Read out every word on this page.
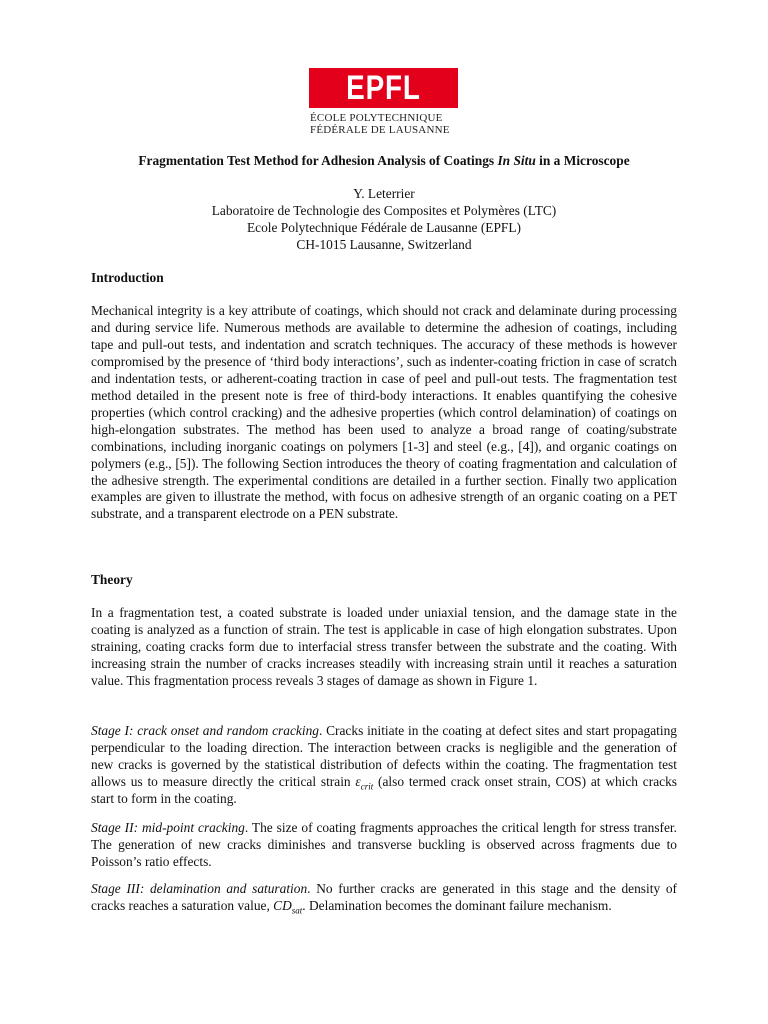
EPFL
ÉCOLE POLYTECHNIQUE
FÉDÉRALE DE LAUSANNE
Fragmentation Test Method for Adhesion Analysis of Coatings In Situ in a Microscope
Y. Leterrier
Laboratoire de Technologie des Composites et Polymères (LTC)
Ecole Polytechnique Fédérale de Lausanne (EPFL)
CH-1015 Lausanne, Switzerland
Introduction

Mechanical integrity is a key attribute of coatings, which should not crack and delaminate during processing and during service life. Numerous methods are available to determine the adhesion of coatings, including tape and pull-out tests, and indentation and scratch techniques. The accuracy of these methods is however compromised by the presence of ‘third body interactions’, such as indenter-coating friction in case of scratch and indentation tests, or adherent-coating traction in case of peel and pull-out tests. The fragmentation test method detailed in the present note is free of third-body interactions. It enables quantifying the cohesive properties (which control cracking) and the adhesive properties (which control delamination) of coatings on high-elongation substrates. The method has been used to analyze a broad range of coating/substrate combinations, including inorganic coatings on polymers [1-3] and steel (e.g., [4]), and organic coatings on polymers (e.g., [5]). The following Section introduces the theory of coating fragmentation and calculation of the adhesive strength. The experimental conditions are detailed in a further section. Finally two application examples are given to illustrate the method, with focus on adhesive strength of an organic coating on a PET substrate, and a transparent electrode on a PEN substrate.

Theory

In a fragmentation test, a coated substrate is loaded under uniaxial tension, and the damage state in the coating is analyzed as a function of strain. The test is applicable in case of high elongation substrates. Upon straining, coating cracks form due to interfacial stress transfer between the substrate and the coating. With increasing strain the number of cracks increases steadily with increasing strain until it reaches a saturation value. This fragmentation process reveals 3 stages of damage as shown in Figure 1.

Stage I: crack onset and random cracking. Cracks initiate in the coating at defect sites and start propagating perpendicular to the loading direction. The interaction between cracks is negligible and the generation of new cracks is governed by the statistical distribution of defects within the coating. The fragmentation test allows us to measure directly the critical strain $\varepsilon_{crit}$ (also termed crack onset strain, COS) at which cracks start to form in the coating.

Stage II: mid-point cracking. The size of coating fragments approaches the critical length for stress transfer. The generation of new cracks diminishes and transverse buckling is observed across fragments due to Poisson’s ratio effects.

Stage III: delamination and saturation. No further cracks are generated in this stage and the density of cracks reaches a saturation value, $CD_{sat}$. Delamination becomes the dominant failure mechanism.
